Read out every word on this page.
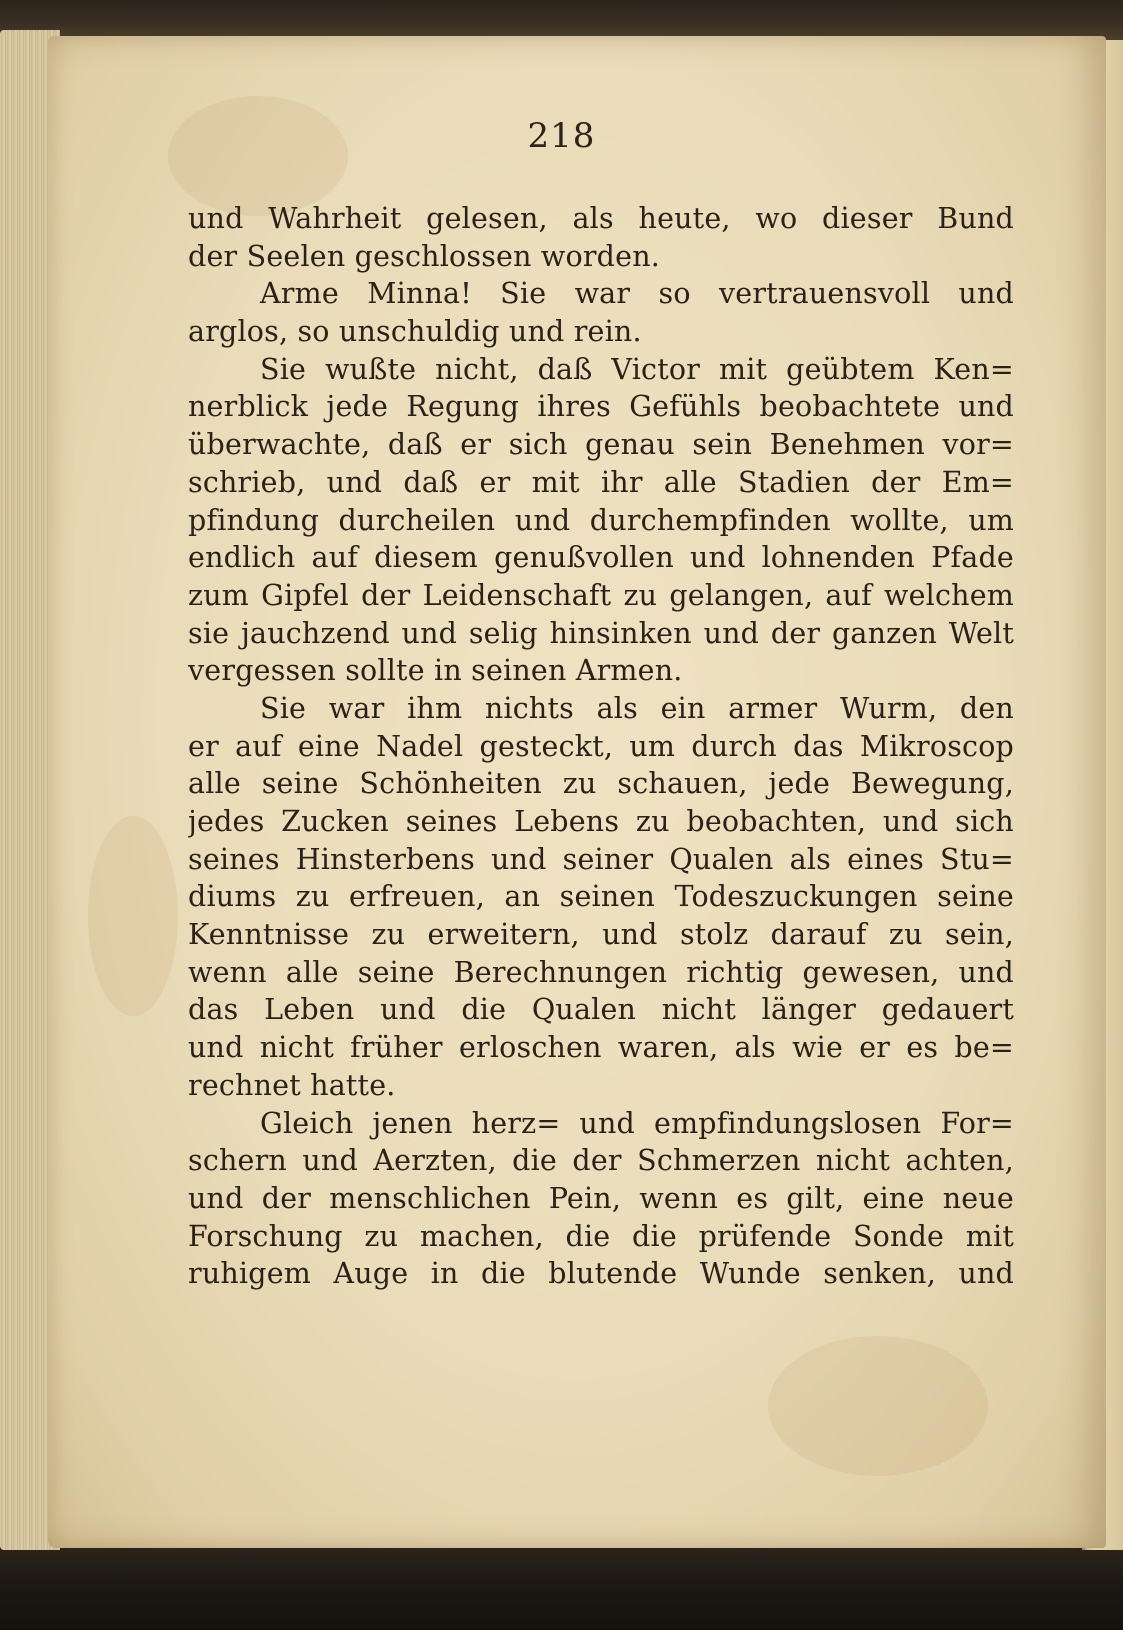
218
und Wahrheit gelesen, als heute, wo dieser Bund
der Seelen geschlossen worden.
Arme Minna! Sie war so vertrauensvoll und
arglos, so unschuldig und rein.
Sie wußte nicht, daß Victor mit geübtem Ken=
nerblick jede Regung ihres Gefühls beobachtete und
überwachte, daß er sich genau sein Benehmen vor=
schrieb, und daß er mit ihr alle Stadien der Em=
pfindung durcheilen und durchempfinden wollte, um
endlich auf diesem genußvollen und lohnenden Pfade
zum Gipfel der Leidenschaft zu gelangen, auf welchem
sie jauchzend und selig hinsinken und der ganzen Welt
vergessen sollte in seinen Armen.
Sie war ihm nichts als ein armer Wurm, den
er auf eine Nadel gesteckt, um durch das Mikroscop
alle seine Schönheiten zu schauen, jede Bewegung,
jedes Zucken seines Lebens zu beobachten, und sich
seines Hinsterbens und seiner Qualen als eines Stu=
diums zu erfreuen, an seinen Todeszuckungen seine
Kenntnisse zu erweitern, und stolz darauf zu sein,
wenn alle seine Berechnungen richtig gewesen, und
das Leben und die Qualen nicht länger gedauert
und nicht früher erloschen waren, als wie er es be=
rechnet hatte.
Gleich jenen herz= und empfindungslosen For=
schern und Aerzten, die der Schmerzen nicht achten,
und der menschlichen Pein, wenn es gilt, eine neue
Forschung zu machen, die die prüfende Sonde mit
ruhigem Auge in die blutende Wunde senken, und
